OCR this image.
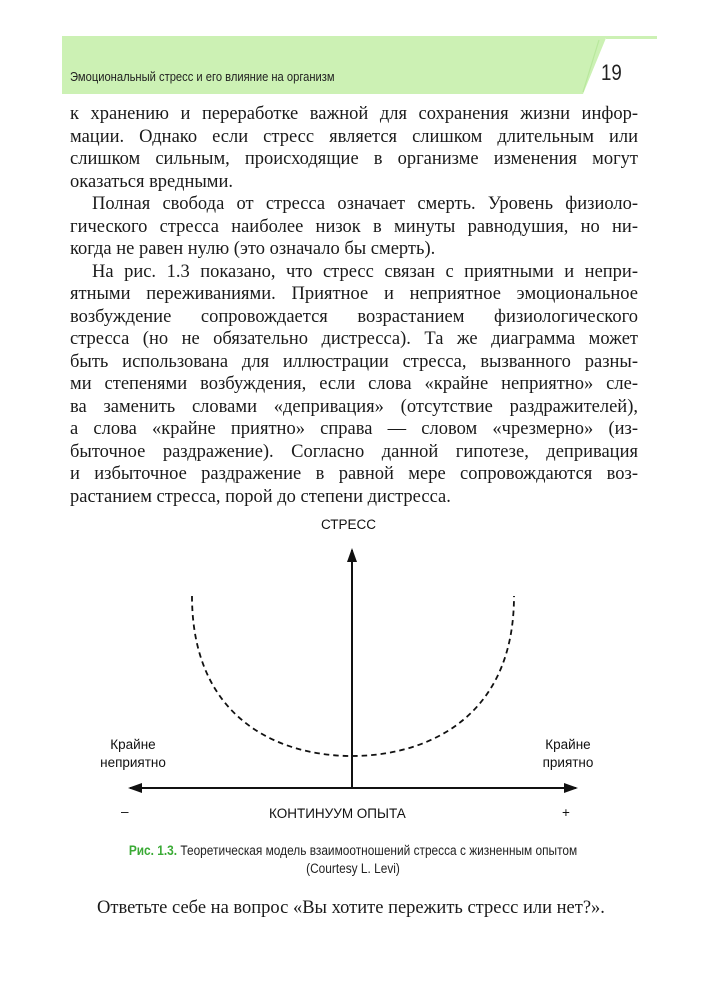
Эмоциональный стресс и его влияние на организм	19

к хранению и переработке важной для сохранения жизни инфор-
мации. Однако если стресс является слишком длительным или
слишком сильным, происходящие в организме изменения могут
оказаться вредными.

Полная свобода от стресса означает смерть. Уровень физиоло-
гического стресса наиболее низок в минуты равнодушия, но ни-
когда не равен нулю (это означало бы смерть).

На рис. 1.3 показано, что стресс связан с приятными и непри-
ятными переживаниями. Приятное и неприятное эмоциональное
возбуждение сопровождается возрастанием физиологического
стресса (но не обязательно дистресса). Та же диаграмма может
быть использована для иллюстрации стресса, вызванного разны-
ми степенями возбуждения, если слова «крайне неприятно» сле-
ва заменить словами «депривация» (отсутствие раздражителей),
а слова «крайне приятно» справа — словом «чрезмерно» (из-
быточное раздражение). Согласно данной гипотезе, депривация
и избыточное раздражение в равной мере сопровождаются воз-
растанием стресса, порой до степени дистресса.

СТРЕСС
Крайне
неприятно
Крайне
приятно
–	КОНТИНУУМ ОПЫТА	+
Рис. 1.3. Теоретическая модель взаимоотношений стресса с жизненным опытом
(Courtesy L. Levi)
Ответьте себе на вопрос «Вы хотите пережить стресс или нет?».
